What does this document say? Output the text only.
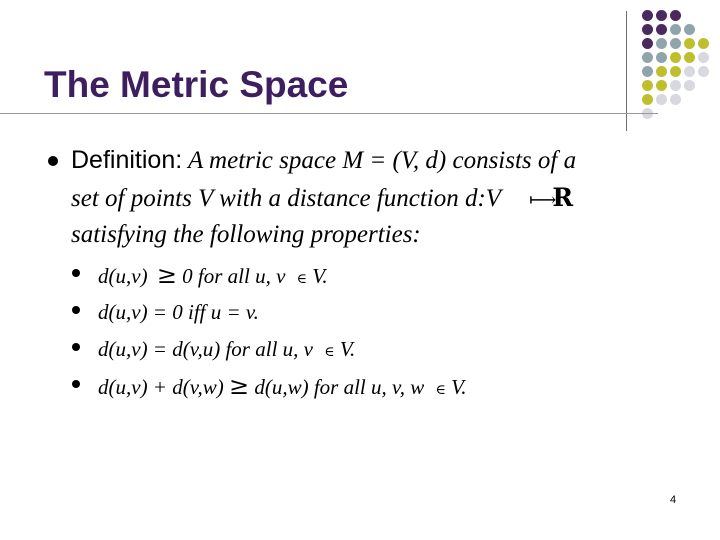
The Metric Space
Definition: A metric space M = (V, d) consists of a
set of points V with a distance function d:V ⟼R
satisfying the following properties:
d(u,v) ≥ 0 for all u, v ∈ V.
d(u,v) = 0 iff u = v.
d(u,v) = d(v,u) for all u, v ∈ V.
d(u,v) + d(v,w) ≥ d(u,w) for all u, v, w ∈ V.
4
